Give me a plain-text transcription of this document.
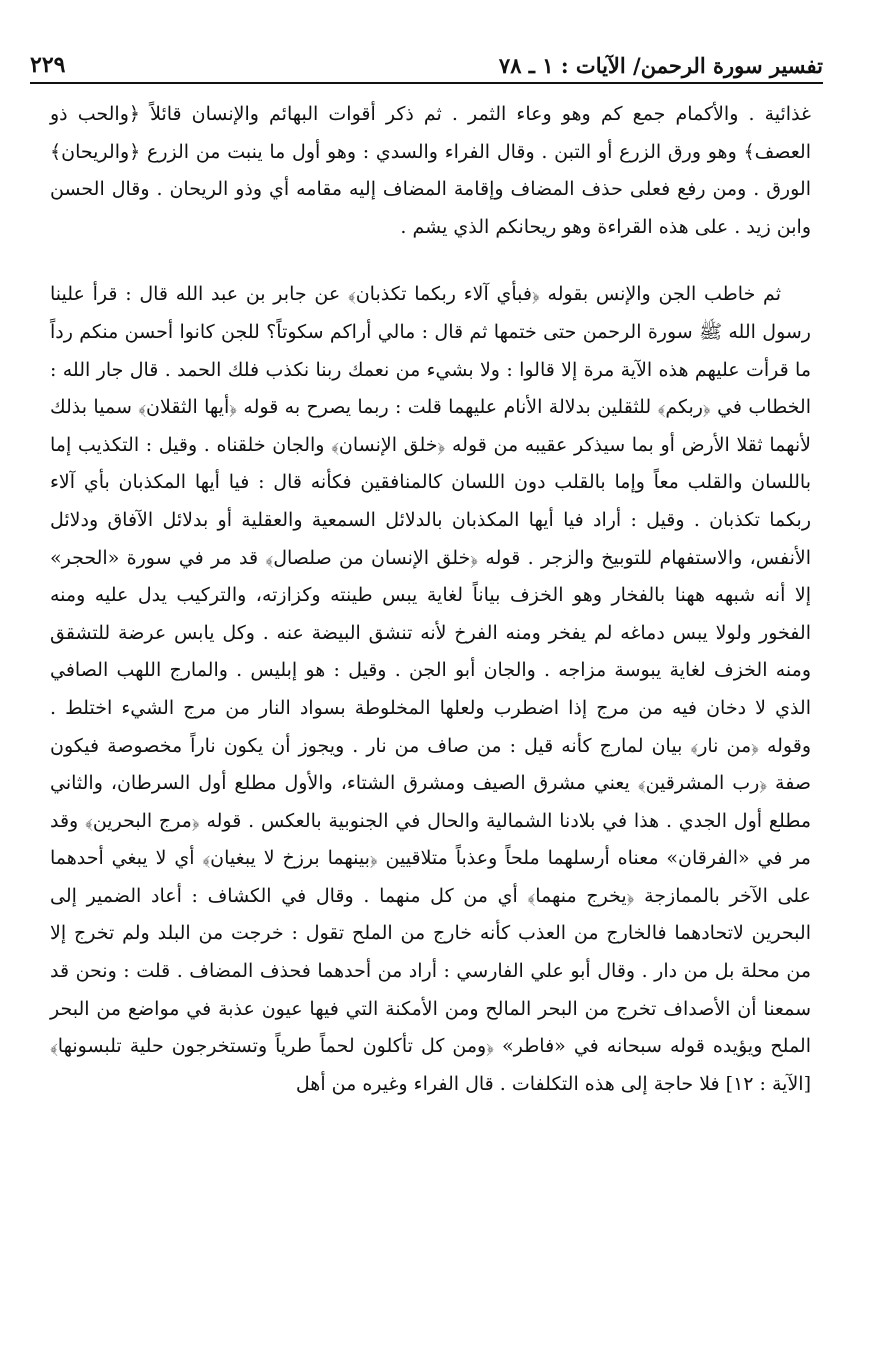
تفسير سورة الرحمن/ الآيات : ١ ـ ٧٨
٢٢٩

غذائية . والأكمام جمع كم وهو وعاء الثمر . ثم ذكر أقوات البهائم والإنسان قائلاً ﴿والحب ذو العصف﴾ وهو ورق الزرع أو التبن . وقال الفراء والسدي : وهو أول ما ينبت من الزرع ﴿والريحان﴾ الورق . ومن رفع فعلى حذف المضاف وإقامة المضاف إليه مقامه أي وذو الريحان . وقال الحسن وابن زيد . على هذه القراءة وهو ريحانكم الذي يشم .

ثم خاطب الجن والإنس بقوله ﴿فبأي آلاء ربكما تكذبان﴾ عن جابر بن عبد الله قال : قرأ علينا رسول الله ﷺ سورة الرحمن حتى ختمها ثم قال : مالي أراكم سكوتاً؟ للجن كانوا أحسن منكم رداً ما قرأت عليهم هذه الآية مرة إلا قالوا : ولا بشيء من نعمك ربنا نكذب فلك الحمد . قال جار الله : الخطاب في ﴿ربكم﴾ للثقلين بدلالة الأنام عليهما قلت : ربما يصرح به قوله ﴿أيها الثقلان﴾ سميا بذلك لأنهما ثقلا الأرض أو بما سيذكر عقيبه من قوله ﴿خلق الإنسان﴾ والجان خلقناه . وقيل : التكذيب إما باللسان والقلب معاً وإما بالقلب دون اللسان كالمنافقين فكأنه قال : فيا أيها المكذبان بأي آلاء ربكما تكذبان . وقيل : أراد فيا أيها المكذبان بالدلائل السمعية والعقلية أو بدلائل الآفاق ودلائل الأنفس، والاستفهام للتوبيخ والزجر . قوله ﴿خلق الإنسان من صلصال﴾ قد مر في سورة «الحجر» إلا أنه شبهه ههنا بالفخار وهو الخزف بياناً لغاية يبس طينته وكزازته، والتركيب يدل عليه ومنه الفخور ولولا يبس دماغه لم يفخر ومنه الفرخ لأنه تنشق البيضة عنه . وكل يابس عرضة للتشقق ومنه الخزف لغاية يبوسة مزاجه . والجان أبو الجن . وقيل : هو إبليس . والمارج اللهب الصافي الذي لا دخان فيه من مرج إذا اضطرب ولعلها المخلوطة بسواد النار من مرج الشيء اختلط . وقوله ﴿من نار﴾ بيان لمارج كأنه قيل : من صاف من نار . ويجوز أن يكون ناراً مخصوصة فيكون صفة ﴿رب المشرقين﴾ يعني مشرق الصيف ومشرق الشتاء، والأول مطلع أول السرطان، والثاني مطلع أول الجدي . هذا في بلادنا الشمالية والحال في الجنوبية بالعكس . قوله ﴿مرج البحرين﴾ وقد مر في «الفرقان» معناه أرسلهما ملحاً وعذباً متلاقيين ﴿بينهما برزخ لا يبغيان﴾ أي لا يبغي أحدهما على الآخر بالممازجة ﴿يخرج منهما﴾ أي من كل منهما . وقال في الكشاف : أعاد الضمير إلى البحرين لاتحادهما فالخارج من العذب كأنه خارج من الملح تقول : خرجت من البلد ولم تخرج إلا من محلة بل من دار . وقال أبو علي الفارسي : أراد من أحدهما فحذف المضاف . قلت : ونحن قد سمعنا أن الأصداف تخرج من البحر المالح ومن الأمكنة التي فيها عيون عذبة في مواضع من البحر الملح ويؤيده قوله سبحانه في «فاطر» ﴿ومن كل تأكلون لحماً طرياً وتستخرجون حلية تلبسونها﴾ [الآية : ١٢] فلا حاجة إلى هذه التكلفات . قال الفراء وغيره من أهل
